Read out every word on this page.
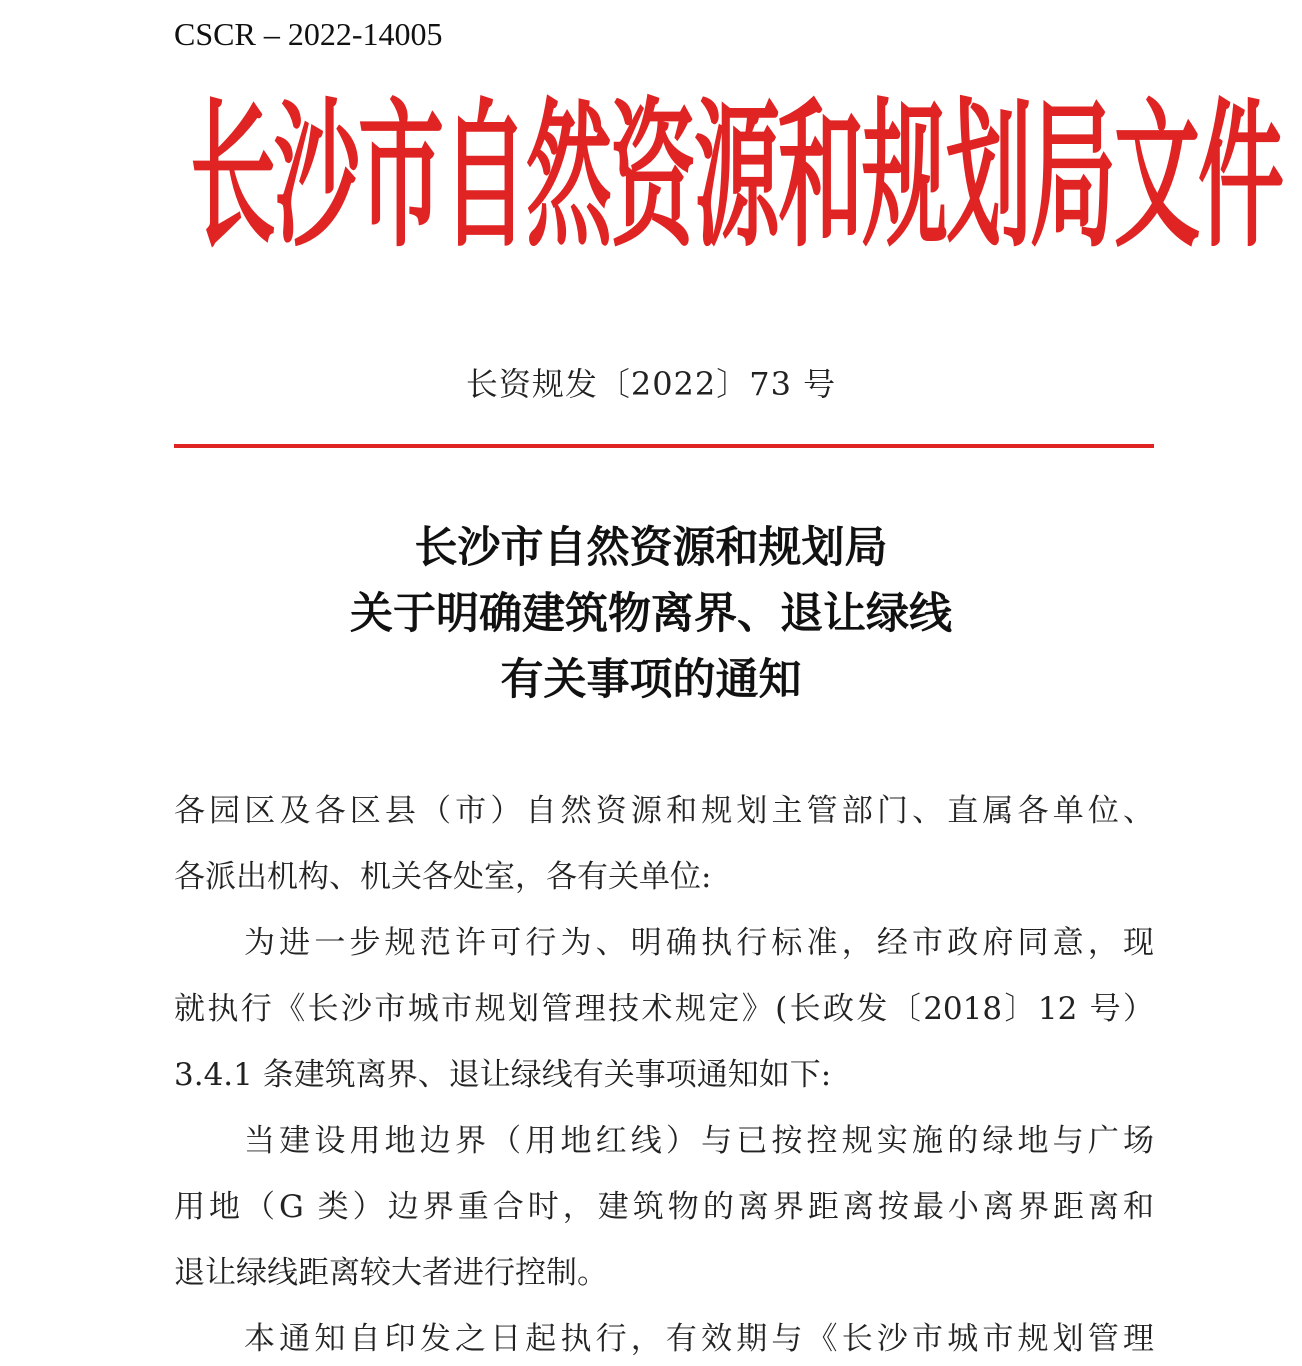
CSCR – 2022-14005
长沙市自然资源和规划局文件
长资规发〔2022〕73 号
长沙市自然资源和规划局
关于明确建筑物离界、退让绿线
有关事项的通知
各园区及各区县（市）自然资源和规划主管部门、直属各单位、
各派出机构、机关各处室，各有关单位:
为进一步规范许可行为、明确执行标准，经市政府同意，现
就执行《长沙市城市规划管理技术规定》(长政发〔2018〕12 号）
3.4.1 条建筑离界、退让绿线有关事项通知如下:
当建设用地边界（用地红线）与已按控规实施的绿地与广场
用地（G 类）边界重合时，建筑物的离界距离按最小离界距离和
退让绿线距离较大者进行控制。
本通知自印发之日起执行，有效期与《长沙市城市规划管理
